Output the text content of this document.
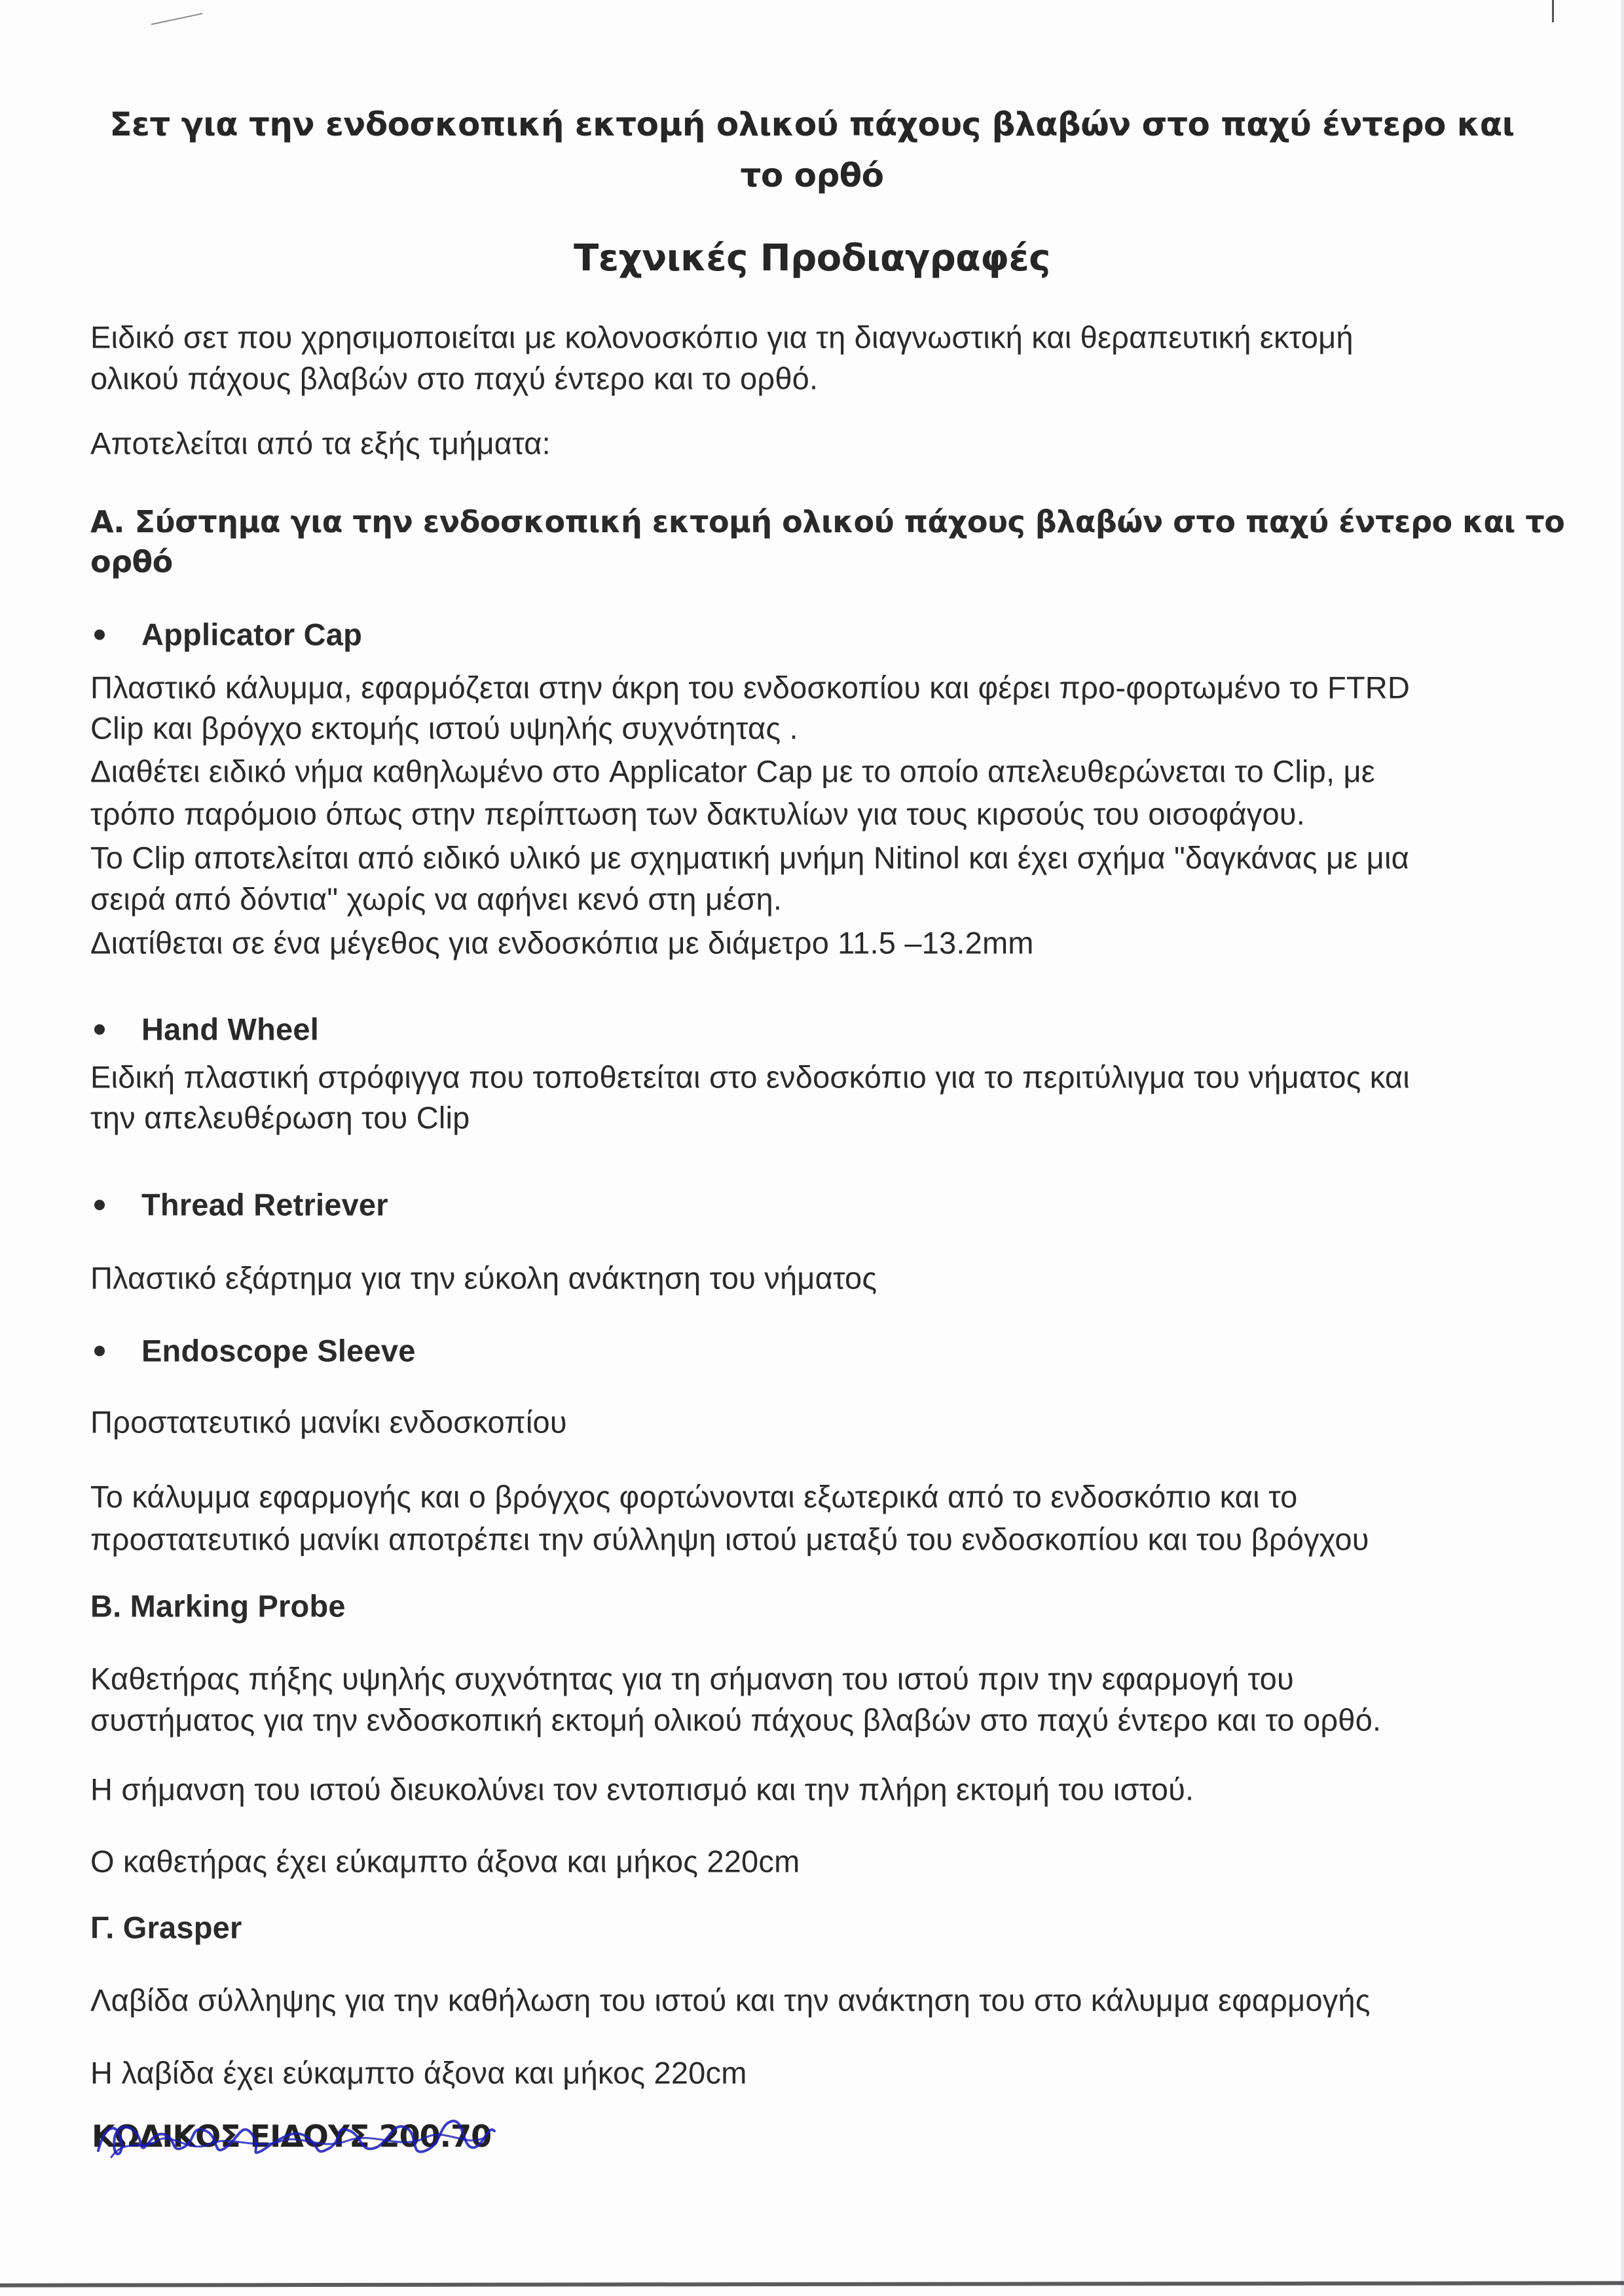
Σετ για την ενδοσκοπική εκτομή ολικού πάχους βλαβών στο παχύ έντερο και
το ορθό
Τεχνικές Προδιαγραφές
Ειδικό σετ που χρησιμοποιείται με κολονοσκόπιο για τη διαγνωστική και θεραπευτική εκτομή
ολικού πάχους βλαβών στο παχύ έντερο και το ορθό.
Αποτελείται από τα εξής τμήματα:
Α. Σύστημα για την ενδοσκοπική εκτομή ολικού πάχους βλαβών στο παχύ έντερο και το
ορθό
Applicator Cap
Πλαστικό κάλυμμα, εφαρμόζεται στην άκρη του ενδοσκοπίου και φέρει προ-φορτωμένο το FTRD
Clip και βρόγχο εκτομής ιστού υψηλής συχνότητας .
Διαθέτει ειδικό νήμα καθηλωμένο στο Applicator Cap με το οποίο απελευθερώνεται το Clip, με
τρόπο παρόμοιο όπως στην περίπτωση των δακτυλίων για τους κιρσούς του οισοφάγου.
Το Clip αποτελείται από ειδικό υλικό με σχηματική μνήμη Nitinol και έχει σχήμα "δαγκάνας με μια
σειρά από δόντια" χωρίς να αφήνει κενό στη μέση.
Διατίθεται σε ένα μέγεθος για ενδοσκόπια με διάμετρο 11.5 –13.2mm
Hand Wheel
Ειδική πλαστική στρόφιγγα που τοποθετείται στο ενδοσκόπιο για το περιτύλιγμα του νήματος και
την απελευθέρωση του Clip
Thread Retriever
Πλαστικό εξάρτημα για την εύκολη ανάκτηση του νήματος
Endoscope Sleeve
Προστατευτικό μανίκι ενδοσκοπίου
Το κάλυμμα εφαρμογής και ο βρόγχος φορτώνονται εξωτερικά από το ενδοσκόπιο και το
προστατευτικό μανίκι αποτρέπει την σύλληψη ιστού μεταξύ του ενδοσκοπίου και του βρόγχου
Β. Marking Probe
Καθετήρας πήξης υψηλής συχνότητας για τη σήμανση του ιστού πριν την εφαρμογή του
συστήματος για την ενδοσκοπική εκτομή ολικού πάχους βλαβών στο παχύ έντερο και το ορθό.
Η σήμανση του ιστού διευκολύνει τον εντοπισμό και την πλήρη εκτομή του ιστού.
Ο καθετήρας έχει εύκαμπτο άξονα και μήκος 220cm
Γ. Grasper
Λαβίδα σύλληψης για την καθήλωση του ιστού και την ανάκτηση του στο κάλυμμα εφαρμογής
Η λαβίδα έχει εύκαμπτο άξονα και μήκος 220cm
ΚΩΔΙΚΟΣ ΕΙΔΟΥΣ 200.70
